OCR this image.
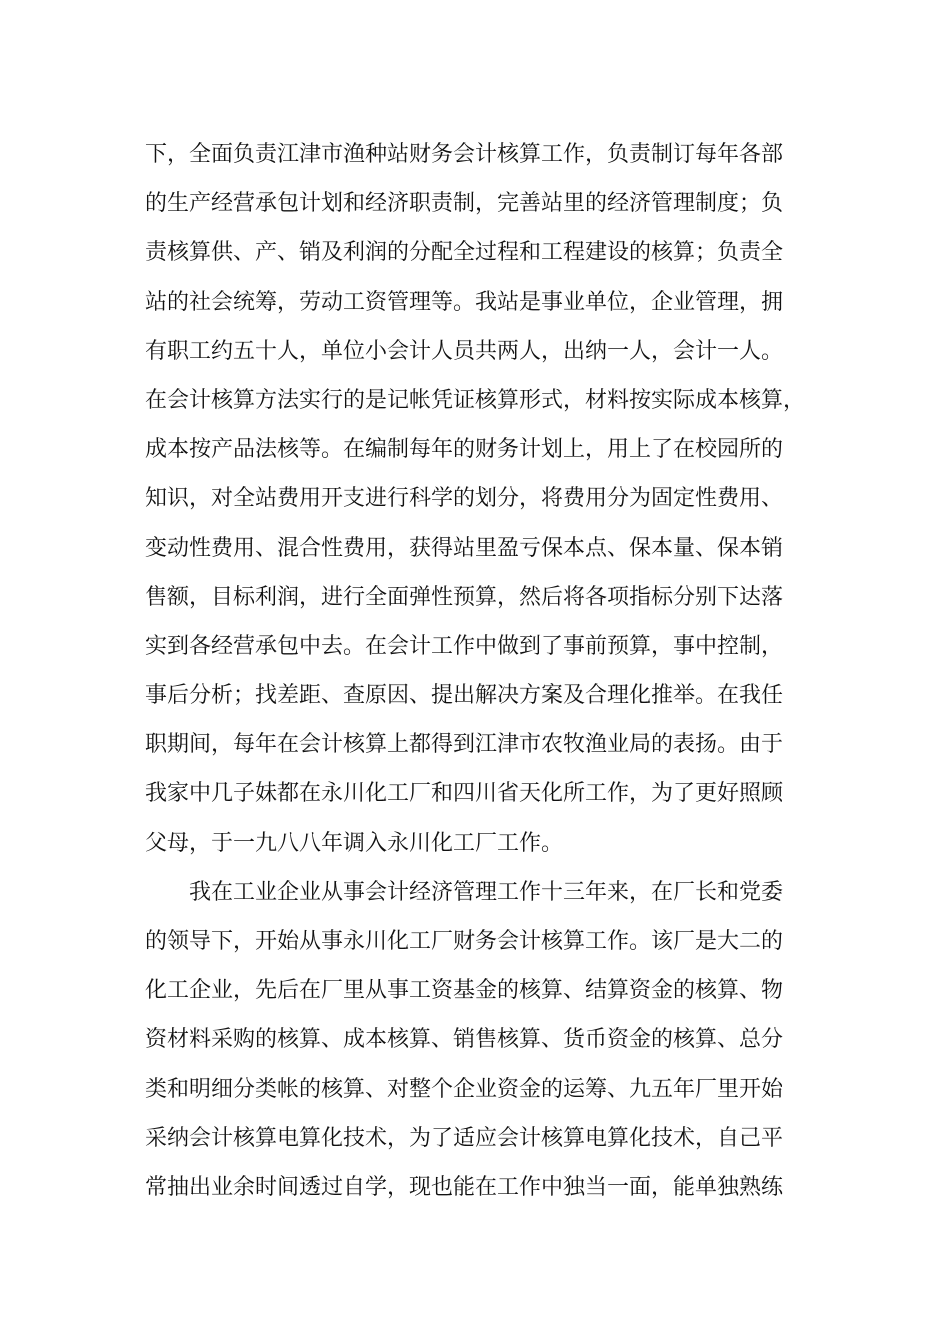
下，全面负责江津市渔种站财务会计核算工作，负责制订每年各部
的生产经营承包计划和经济职责制，完善站里的经济管理制度；负
责核算供、产、销及利润的分配全过程和工程建设的核算；负责全
站的社会统筹，劳动工资管理等。我站是事业单位，企业管理，拥
有职工约五十人，单位小会计人员共两人，出纳一人，会计一人。
在会计核算方法实行的是记帐凭证核算形式，材料按实际成本核算，
成本按产品法核等。在编制每年的财务计划上，用上了在校园所的
知识，对全站费用开支进行科学的划分，将费用分为固定性费用、
变动性费用、混合性费用，获得站里盈亏保本点、保本量、保本销
售额，目标利润，进行全面弹性预算，然后将各项指标分别下达落
实到各经营承包中去。在会计工作中做到了事前预算，事中控制，
事后分析；找差距、查原因、提出解决方案及合理化推举。在我任
职期间，每年在会计核算上都得到江津市农牧渔业局的表扬。由于
我家中几子妹都在永川化工厂和四川省天化所工作，为了更好照顾
父母，于一九八八年调入永川化工厂工作。
我在工业企业从事会计经济管理工作十三年来，在厂长和党委
的领导下，开始从事永川化工厂财务会计核算工作。该厂是大二的
化工企业，先后在厂里从事工资基金的核算、结算资金的核算、物
资材料采购的核算、成本核算、销售核算、货币资金的核算、总分
类和明细分类帐的核算、对整个企业资金的运筹、九五年厂里开始
采纳会计核算电算化技术，为了适应会计核算电算化技术，自己平
常抽出业余时间透过自学，现也能在工作中独当一面，能单独熟练
